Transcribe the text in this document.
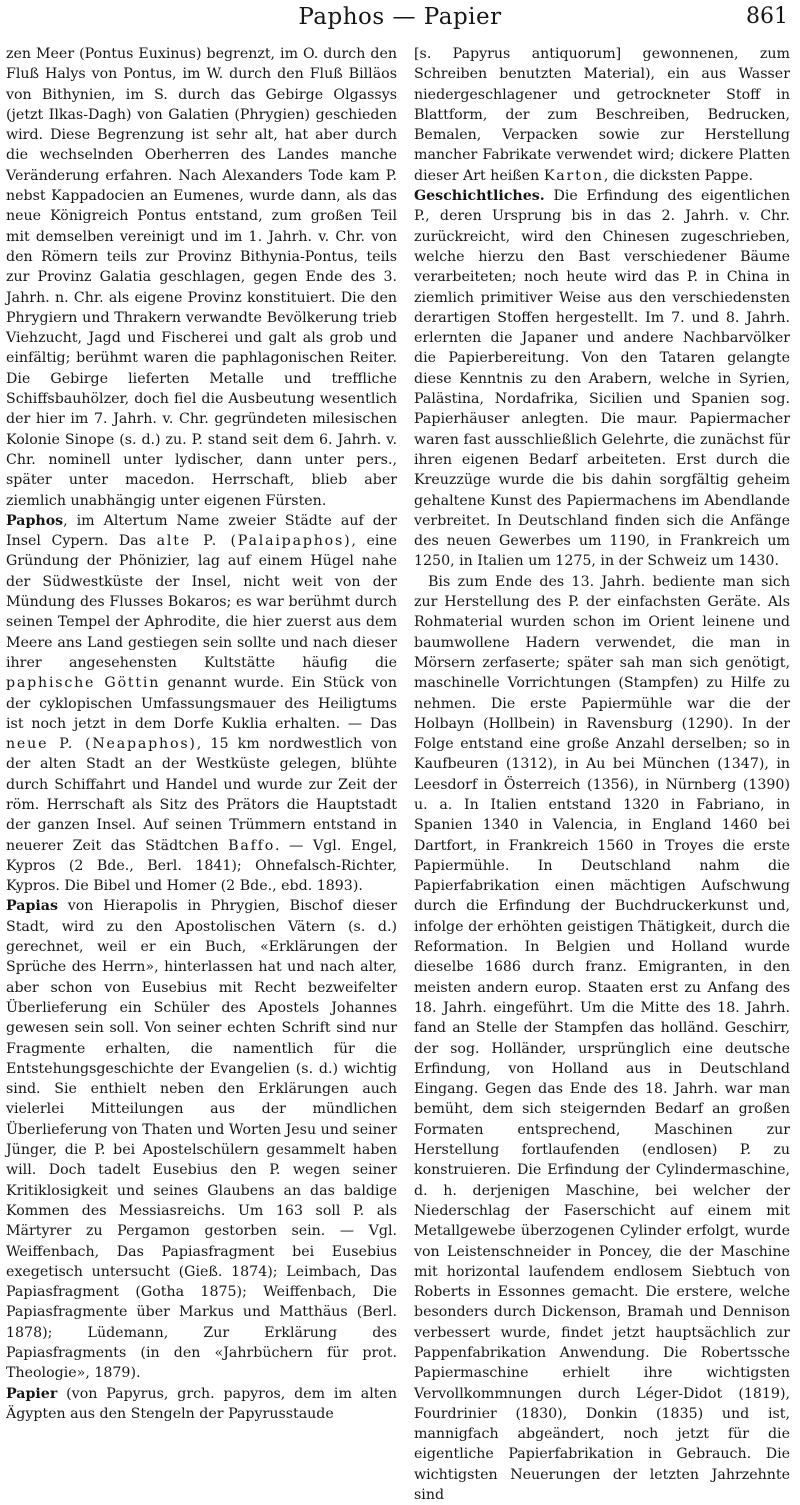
Paphos — Papier	861

zen Meer (Pontus Euxinus) begrenzt, im O. durch den Fluß Halys von Pontus, im W. durch den Fluß Billäos von Bithynien, im S. durch das Gebirge Olgassys (jetzt Ilkas-Dagh) von Galatien (Phrygien) geschieden wird. Diese Begrenzung ist sehr alt, hat aber durch die wechselnden Oberherren des Landes manche Veränderung erfahren. Nach Alexanders Tode kam P. nebst Kappadocien an Eumenes, wurde dann, als das neue Königreich Pontus entstand, zum großen Teil mit demselben vereinigt und im 1. Jahrh. v. Chr. von den Römern teils zur Provinz Bithynia-Pontus, teils zur Provinz Galatia geschlagen, gegen Ende des 3. Jahrh. n. Chr. als eigene Provinz konstituiert. Die den Phrygiern und Thrakern verwandte Bevölkerung trieb Viehzucht, Jagd und Fischerei und galt als grob und einfältig; berühmt waren die paphlagonischen Reiter. Die Gebirge lieferten Metalle und treffliche Schiffsbauhölzer, doch fiel die Ausbeutung wesentlich der hier im 7. Jahrh. v. Chr. gegründeten milesischen Kolonie Sinope (s. d.) zu. P. stand seit dem 6. Jahrh. v. Chr. nominell unter lydischer, dann unter pers., später unter macedon. Herrschaft, blieb aber ziemlich unabhängig unter eigenen Fürsten.

Paphos, im Altertum Name zweier Städte auf der Insel Cypern. Das alte P. (Palaipaphos), eine Gründung der Phönizier, lag auf einem Hügel nahe der Südwestküste der Insel, nicht weit von der Mündung des Flusses Bokaros; es war berühmt durch seinen Tempel der Aphrodite, die hier zuerst aus dem Meere ans Land gestiegen sein sollte und nach dieser ihrer angesehensten Kultstätte häufig die paphische Göttin genannt wurde. Ein Stück von der cyklopischen Umfassungsmauer des Heiligtums ist noch jetzt in dem Dorfe Kuklia erhalten. — Das neue P. (Neapaphos), 15 km nordwestlich von der alten Stadt an der Westküste gelegen, blühte durch Schiffahrt und Handel und wurde zur Zeit der röm. Herrschaft als Sitz des Prätors die Hauptstadt der ganzen Insel. Auf seinen Trümmern entstand in neuerer Zeit das Städtchen Baffo. — Vgl. Engel, Kypros (2 Bde., Berl. 1841); Ohnefalsch-Richter, Kypros. Die Bibel und Homer (2 Bde., ebd. 1893).

Papias von Hierapolis in Phrygien, Bischof dieser Stadt, wird zu den Apostolischen Vätern (s. d.) gerechnet, weil er ein Buch, «Erklärungen der Sprüche des Herrn», hinterlassen hat und nach alter, aber schon von Eusebius mit Recht bezweifelter Überlieferung ein Schüler des Apostels Johannes gewesen sein soll. Von seiner echten Schrift sind nur Fragmente erhalten, die namentlich für die Entstehungsgeschichte der Evangelien (s. d.) wichtig sind. Sie enthielt neben den Erklärungen auch vielerlei Mitteilungen aus der mündlichen Überlieferung von Thaten und Worten Jesu und seiner Jünger, die P. bei Apostelschülern gesammelt haben will. Doch tadelt Eusebius den P. wegen seiner Kritiklosigkeit und seines Glaubens an das baldige Kommen des Messiasreichs. Um 163 soll P. als Märtyrer zu Pergamon gestorben sein. — Vgl. Weiffenbach, Das Papiasfragment bei Eusebius exegetisch untersucht (Gieß. 1874); Leimbach, Das Papiasfragment (Gotha 1875); Weiffenbach, Die Papiasfragmente über Markus und Matthäus (Berl. 1878); Lüdemann, Zur Erklärung des Papiasfragments (in den «Jahrbüchern für prot. Theologie», 1879).

Papier (von Papyrus, grch. papyros, dem im alten Ägypten aus den Stengeln der Papyrusstaude

[s. Papyrus antiquorum] gewonnenen, zum Schreiben benutzten Material), ein aus Wasser niedergeschlagener und getrockneter Stoff in Blattform, der zum Beschreiben, Bedrucken, Bemalen, Verpacken sowie zur Herstellung mancher Fabrikate verwendet wird; dickere Platten dieser Art heißen Karton, die dicksten Pappe.

Geschichtliches. Die Erfindung des eigentlichen P., deren Ursprung bis in das 2. Jahrh. v. Chr. zurückreicht, wird den Chinesen zugeschrieben, welche hierzu den Bast verschiedener Bäume verarbeiteten; noch heute wird das P. in China in ziemlich primitiver Weise aus den verschiedensten derartigen Stoffen hergestellt. Im 7. und 8. Jahrh. erlernten die Japaner und andere Nachbarvölker die Papierbereitung. Von den Tataren gelangte diese Kenntnis zu den Arabern, welche in Syrien, Palästina, Nordafrika, Sicilien und Spanien sog. Papierhäuser anlegten. Die maur. Papiermacher waren fast ausschließlich Gelehrte, die zunächst für ihren eigenen Bedarf arbeiteten. Erst durch die Kreuzzüge wurde die bis dahin sorgfältig geheim gehaltene Kunst des Papiermachens im Abendlande verbreitet. In Deutschland finden sich die Anfänge des neuen Gewerbes um 1190, in Frankreich um 1250, in Italien um 1275, in der Schweiz um 1430.

Bis zum Ende des 13. Jahrh. bediente man sich zur Herstellung des P. der einfachsten Geräte. Als Rohmaterial wurden schon im Orient leinene und baumwollene Hadern verwendet, die man in Mörsern zerfaserte; später sah man sich genötigt, maschinelle Vorrichtungen (Stampfen) zu Hilfe zu nehmen. Die erste Papiermühle war die der Holbayn (Hollbein) in Ravensburg (1290). In der Folge entstand eine große Anzahl derselben; so in Kaufbeuren (1312), in Au bei München (1347), in Leesdorf in Österreich (1356), in Nürnberg (1390) u. a. In Italien entstand 1320 in Fabriano, in Spanien 1340 in Valencia, in England 1460 bei Dartfort, in Frankreich 1560 in Troyes die erste Papiermühle. In Deutschland nahm die Papierfabrikation einen mächtigen Aufschwung durch die Erfindung der Buchdruckerkunst und, infolge der erhöhten geistigen Thätigkeit, durch die Reformation. In Belgien und Holland wurde dieselbe 1686 durch franz. Emigranten, in den meisten andern europ. Staaten erst zu Anfang des 18. Jahrh. eingeführt. Um die Mitte des 18. Jahrh. fand an Stelle der Stampfen das holländ. Geschirr, der sog. Holländer, ursprünglich eine deutsche Erfindung, von Holland aus in Deutschland Eingang. Gegen das Ende des 18. Jahrh. war man bemüht, dem sich steigernden Bedarf an großen Formaten entsprechend, Maschinen zur Herstellung fortlaufenden (endlosen) P. zu konstruieren. Die Erfindung der Cylindermaschine, d. h. derjenigen Maschine, bei welcher der Niederschlag der Faserschicht auf einem mit Metallgewebe überzogenen Cylinder erfolgt, wurde von Leistenschneider in Poncey, die der Maschine mit horizontal laufendem endlosem Siebtuch von Roberts in Essonnes gemacht. Die erstere, welche besonders durch Dickenson, Bramah und Dennison verbessert wurde, findet jetzt hauptsächlich zur Pappenfabrikation Anwendung. Die Robertssche Papiermaschine erhielt ihre wichtigsten Vervollkommnungen durch Léger-Didot (1819), Fourdrinier (1830), Donkin (1835) und ist, mannigfach abgeändert, noch jetzt für die eigentliche Papierfabrikation in Gebrauch. Die wichtigsten Neuerungen der letzten Jahrzehnte sind
